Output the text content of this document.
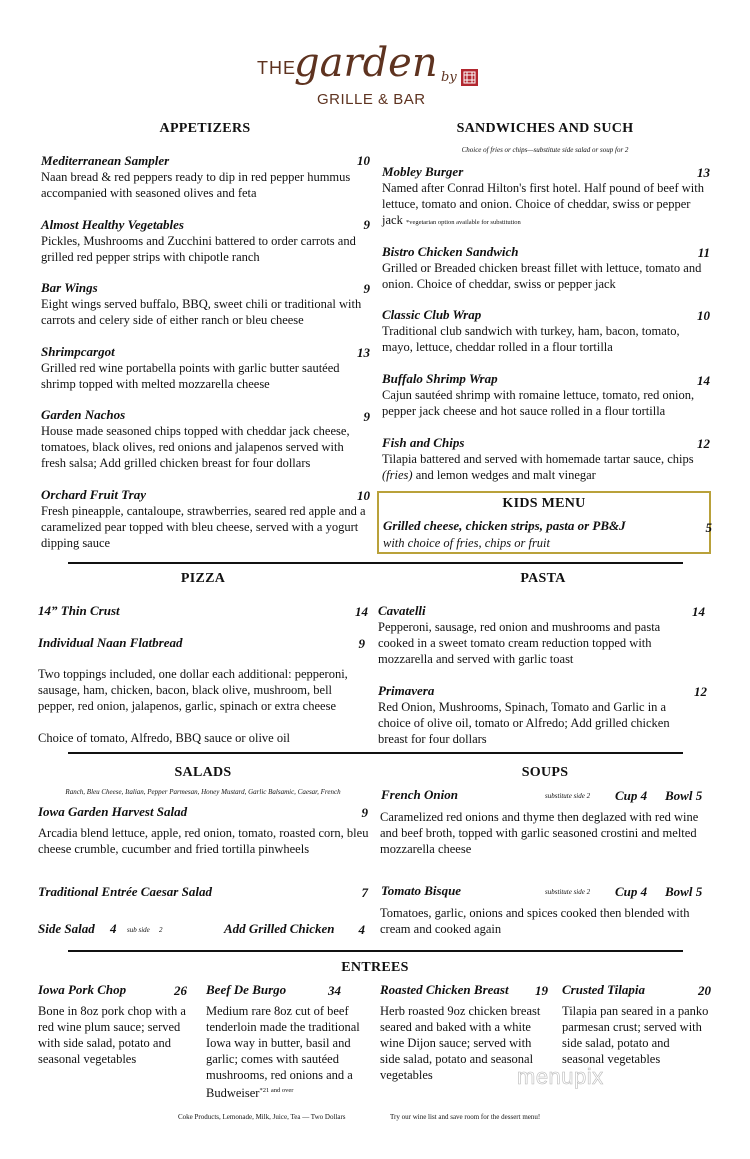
THE
garden
GRILLE & BAR
by
APPETIZERS
Mediterranean Sampler	10
Naan bread & red peppers ready to dip in red pepper hummus accompanied with seasoned olives and feta
Almost Healthy Vegetables	9
Pickles, Mushrooms and Zucchini battered to order carrots and grilled red pepper strips with chipotle ranch
Bar Wings	9
Eight wings served buffalo, BBQ, sweet chili or traditional with carrots and celery side of either ranch or bleu cheese
Shrimpcargot	13
Grilled red wine portabella points with garlic butter sautéed shrimp topped with melted mozzarella cheese
Garden Nachos	9
House made seasoned chips topped with cheddar jack cheese, tomatoes, black olives, red onions and jalapenos served with fresh salsa; Add grilled chicken breast for four dollars
Orchard Fruit Tray	10
Fresh pineapple, cantaloupe, strawberries, seared red apple and a caramelized pear topped with bleu cheese, served with a yogurt dipping sauce
SANDWICHES AND SUCH
Choice of fries or chips—substitute side salad or soup for 2
Mobley Burger	13
Named after Conrad Hilton's first hotel. Half pound of beef with lettuce, tomato and onion. Choice of cheddar, swiss or pepper jack *vegetarian option available for substitution
Bistro Chicken Sandwich	11
Grilled or Breaded chicken breast fillet with lettuce, tomato and onion. Choice of cheddar, swiss or pepper jack
Classic Club Wrap	10
Traditional club sandwich with turkey, ham, bacon, tomato, mayo, lettuce, cheddar rolled in a flour tortilla
Buffalo Shrimp Wrap	14
Cajun sautéed shrimp with romaine lettuce, tomato, red onion, pepper jack cheese and hot sauce rolled in a flour tortilla
Fish and Chips	12
Tilapia battered and served with homemade tartar sauce, chips (fries) and lemon wedges and malt vinegar
KIDS MENU
Grilled cheese, chicken strips, pasta or PB&J	5
with choice of fries, chips or fruit
PIZZA
14” Thin Crust	14
Individual Naan Flatbread	9
Two toppings included, one dollar each additional: pepperoni, sausage, ham, chicken, bacon, black olive, mushroom, bell pepper, red onion, jalapenos, garlic, spinach or extra cheese
Choice of tomato, Alfredo, BBQ sauce or olive oil
PASTA
Cavatelli	14
Pepperoni, sausage, red onion and mushrooms and pasta cooked in a sweet tomato cream reduction topped with mozzarella and served with garlic toast
Primavera	12
Red Onion, Mushrooms, Spinach, Tomato and Garlic in a choice of olive oil, tomato or Alfredo; Add grilled chicken breast for four dollars
SALADS
Ranch, Bleu Cheese, Italian, Pepper Parmesan, Honey Mustard, Garlic Balsamic, Caesar, French
Iowa Garden Harvest Salad	9
Arcadia blend lettuce, apple, red onion, tomato, roasted corn, bleu cheese crumble, cucumber and fried tortilla pinwheels
Traditional Entrée Caesar Salad	7
Side Salad 4 sub side 2	Add Grilled Chicken	4
SOUPS
French Onion	substitute side 2 Cup 4 Bowl 5
Caramelized red onions and thyme then deglazed with red wine and beef broth, topped with garlic seasoned crostini and melted mozzarella cheese
Tomato Bisque	substitute side 2 Cup 4 Bowl 5
Tomatoes, garlic, onions and spices cooked then blended with cream and cooked again
ENTREES
Iowa Pork Chop	26
Bone in 8oz pork chop with a red wine plum sauce; served with side salad, potato and seasonal vegetables
Beef De Burgo	34
Medium rare 8oz cut of beef tenderloin made the traditional Iowa way in butter, basil and garlic; comes with sautéed mushrooms, red onions and a Budweiser$^{*21 and over}$
Roasted Chicken Breast	19
Herb roasted 9oz chicken breast seared and baked with a white wine Dijon sauce; served with side salad, potato and seasonal vegetables
Crusted Tilapia	20
Tilapia pan seared in a panko parmesan crust; served with side salad, potato and seasonal vegetables
menupix
Coke Products, Lemonade, Milk, Juice, Tea — Two Dollars	Try our wine list and save room for the dessert menu!
